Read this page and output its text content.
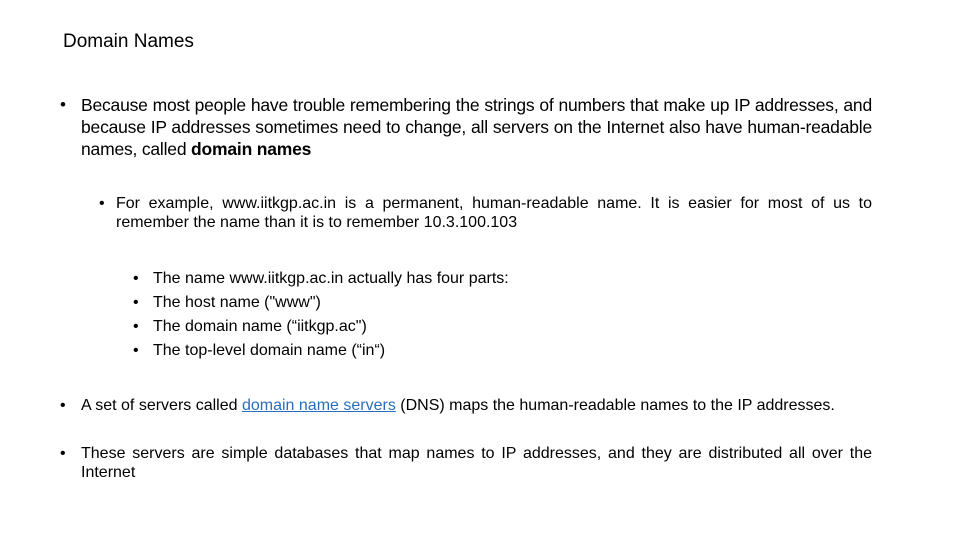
Domain Names
• Because most people have trouble remembering the strings of numbers that make up IP addresses, and because IP addresses sometimes need to change, all servers on the Internet also have human-readable names, called domain names
• For example, www.iitkgp.ac.in is a permanent, human-readable name. It is easier for most of us to remember the name than it is to remember 10.3.100.103
• The name www.iitkgp.ac.in actually has four parts:
• The host name ("www")
• The domain name (“iitkgp.ac")
• The top-level domain name (“in“)
• A set of servers called domain name servers (DNS) maps the human-readable names to the IP addresses.
• These servers are simple databases that map names to IP addresses, and they are distributed all over the Internet
